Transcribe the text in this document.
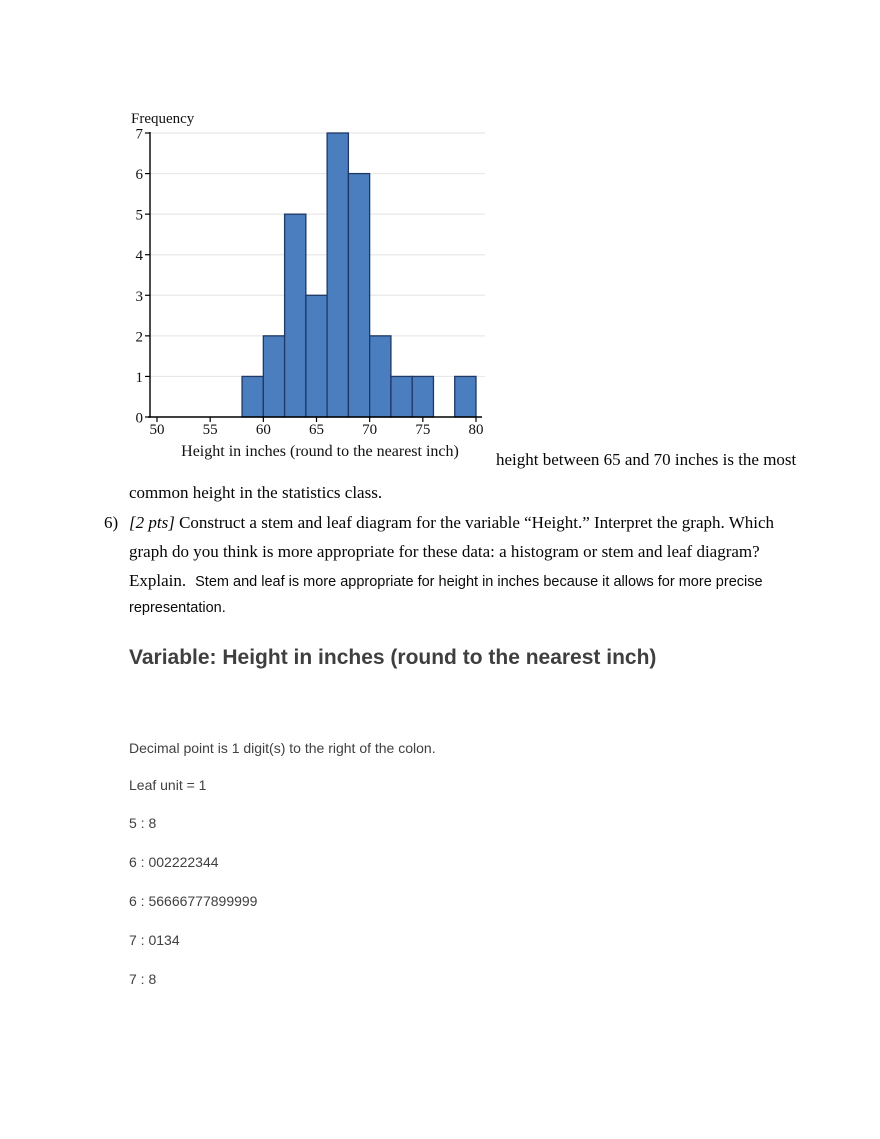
0
1
2
3
4
5
6
7
50	55	60	65	70	75	80
Frequency
Height in inches (round to the nearest inch) height between 65 and 70 inches is the most
common height in the statistics class.
6) [2 pts] Construct a stem and leaf diagram for the variable “Height.” Interpret the graph. Which
graph do you think is more appropriate for these data: a histogram or stem and leaf diagram?
Explain. Stem and leaf is more appropriate for height in inches because it allows for more precise
representation.
Variable: Height in inches (round to the nearest inch)
Decimal point is 1 digit(s) to the right of the colon.
Leaf unit = 1
5 : 8
6 : 002222344
6 : 56666777899999
7 : 0134
7 : 8
